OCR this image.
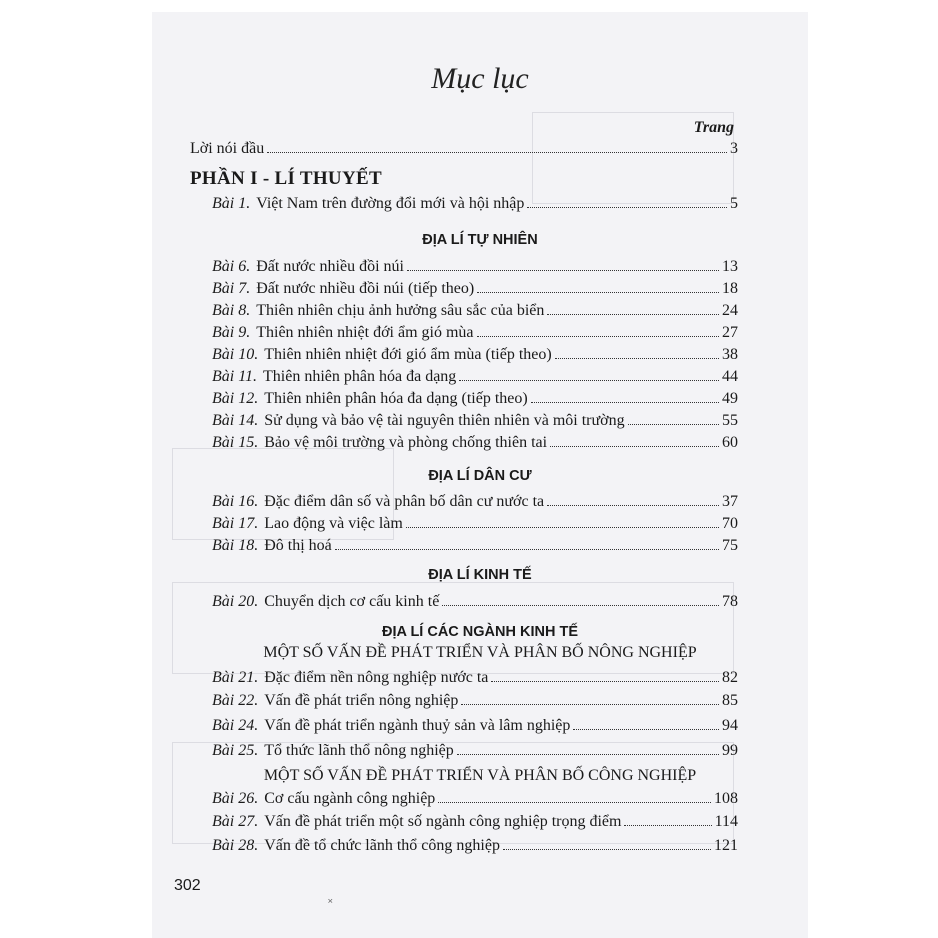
Mục lục
Trang
Lời nói đầu	3
PHẦN I - LÍ THUYẾT
Bài 1. Việt Nam trên đường đổi mới và hội nhập	5
ĐỊA LÍ TỰ NHIÊN
Bài 6. Đất nước nhiều đồi núi	13
Bài 7. Đất nước nhiều đồi núi (tiếp theo)	18
Bài 8. Thiên nhiên chịu ảnh hưởng sâu sắc của biển	24
Bài 9. Thiên nhiên nhiệt đới ẩm gió mùa	27
Bài 10. Thiên nhiên nhiệt đới gió ẩm mùa (tiếp theo)	38
Bài 11. Thiên nhiên phân hóa đa dạng	44
Bài 12. Thiên nhiên phân hóa đa dạng (tiếp theo)	49
Bài 14. Sử dụng và bảo vệ tài nguyên thiên nhiên và môi trường	55
Bài 15. Bảo vệ môi trường và phòng chống thiên tai	60
ĐỊA LÍ DÂN CƯ
Bài 16. Đặc điểm dân số và phân bố dân cư nước ta	37
Bài 17. Lao động và việc làm	70
Bài 18. Đô thị hoá	75
ĐỊA LÍ KINH TẾ
Bài 20. Chuyển dịch cơ cấu kinh tế	78
ĐỊA LÍ CÁC NGÀNH KINH TẾ
MỘT SỐ VẤN ĐỀ PHÁT TRIỂN VÀ PHÂN BỐ NÔNG NGHIỆP
Bài 21. Đặc điểm nền nông nghiệp nước ta	82
Bài 22. Vấn đề phát triển nông nghiệp	85
Bài 24. Vấn đề phát triển ngành thuỷ sản và lâm nghiệp	94
Bài 25. Tổ thức lãnh thổ nông nghiệp	99
MỘT SỐ VẤN ĐỀ PHÁT TRIỂN VÀ PHÂN BỐ CÔNG NGHIỆP
Bài 26. Cơ cấu ngành công nghiệp	108
Bài 27. Vấn đề phát triển một số ngành công nghiệp trọng điểm	114
Bài 28. Vấn đề tổ chức lãnh thổ công nghiệp	121
302
˟
